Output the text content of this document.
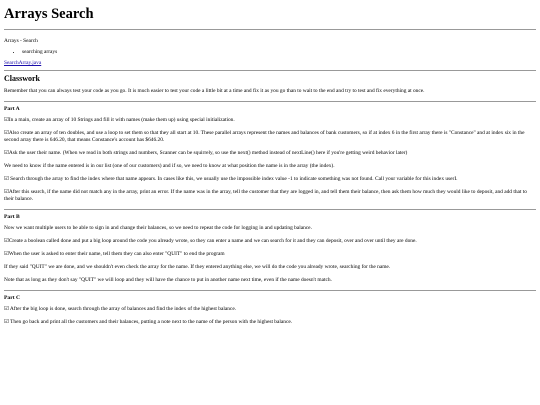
Arrays Search
Arrays - Search
• searching arrays
SearchArray.java
Classwork

Remember that you can always test your code as you go. It is much easier to test your code a little bit at a time and fix it as you go than to wait to the end and try to test and fix everything at once.

Part A

☑In a main, create an array of 10 Strings and fill it with names (make them up) using special initialization.

☑Also create an array of ten doubles, and use a loop to set them so that they all start at 10. These parallel arrays represent the names and balances of bank customers, so if at index 6 in the first array there is "Constance" and at index six in the second array there is 646.20, that means Constance's account has $646.20.

☑Ask the user their name. (When we read in both strings and numbers, Scanner can be squirrely, so use the next() method instead of nextLine() here if you're getting weird behavior later)

We need to know if the name entered is in our list (one of our customers) and if so, we need to know at what position the name is in the array (the index).

☑ Search through the array to find the index where that name appears. In cases like this, we usually use the impossible index value -1 to indicate something was not found. Call your variable for this index userI.

☑After this search, if the name did not match any in the array, print an error. If the name was in the array, tell the customer that they are logged in, and tell them their balance, then ask them how much they would like to deposit, and add that to their balance.

Part B

Now we want multiple users to be able to sign in and change their balances, so we need to repeat the code for logging in and updating balance.

☑Create a boolean called done and put a big loop around the code you already wrote, so they can enter a name and we can search for it and they can deposit, over and over until they are done.

☑When the user is asked to enter their name, tell them they can also enter "QUIT" to end the program

If they said "QUIT" we are done, and we shouldn't even check the array for the name. If they entered anything else, we will do the code you already wrote, searching for the name.

Note that as long as they don't say "QUIT" we will loop and they will have the chance to put in another name next time, even if the name doesn't match.

Part C

☑ After the big loop is done, search through the array of balances and find the index of the highest balance.

☑ Then go back and print all the customers and their balances, putting a note next to the name of the person with the highest balance.
